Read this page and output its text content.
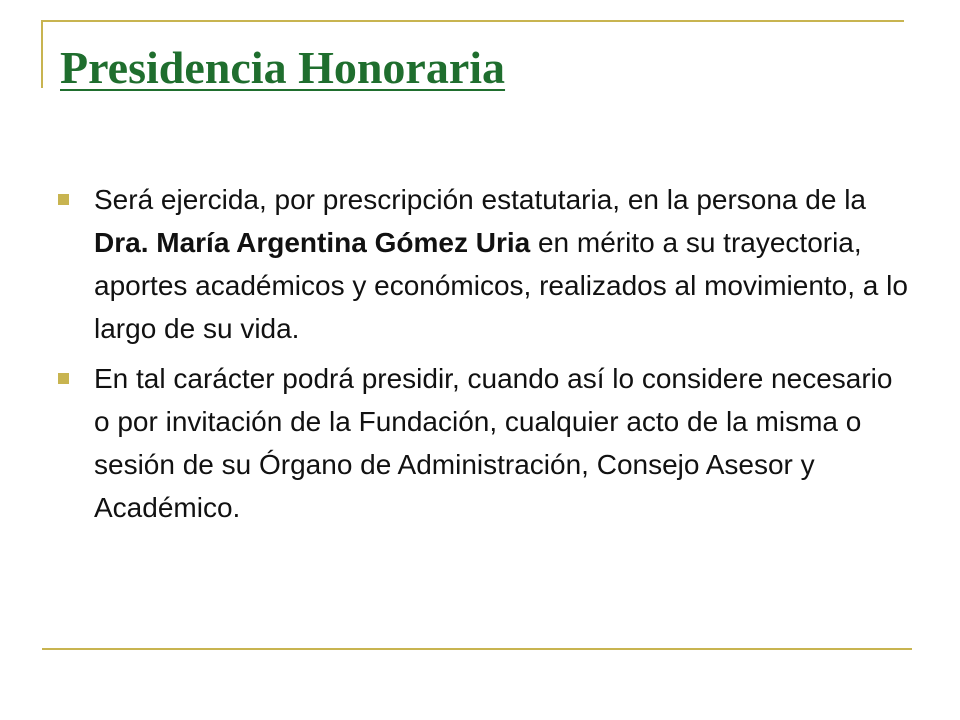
Presidencia Honoraria
Será ejercida, por prescripción estatutaria, en la persona de la Dra. María Argentina Gómez Uria en mérito a su trayectoria, aportes académicos y económicos, realizados al movimiento, a lo largo de su vida.
En tal carácter podrá presidir, cuando así lo considere necesario o por invitación de la Fundación, cualquier acto de la misma o sesión de su Órgano de Administración, Consejo Asesor y Académico.
